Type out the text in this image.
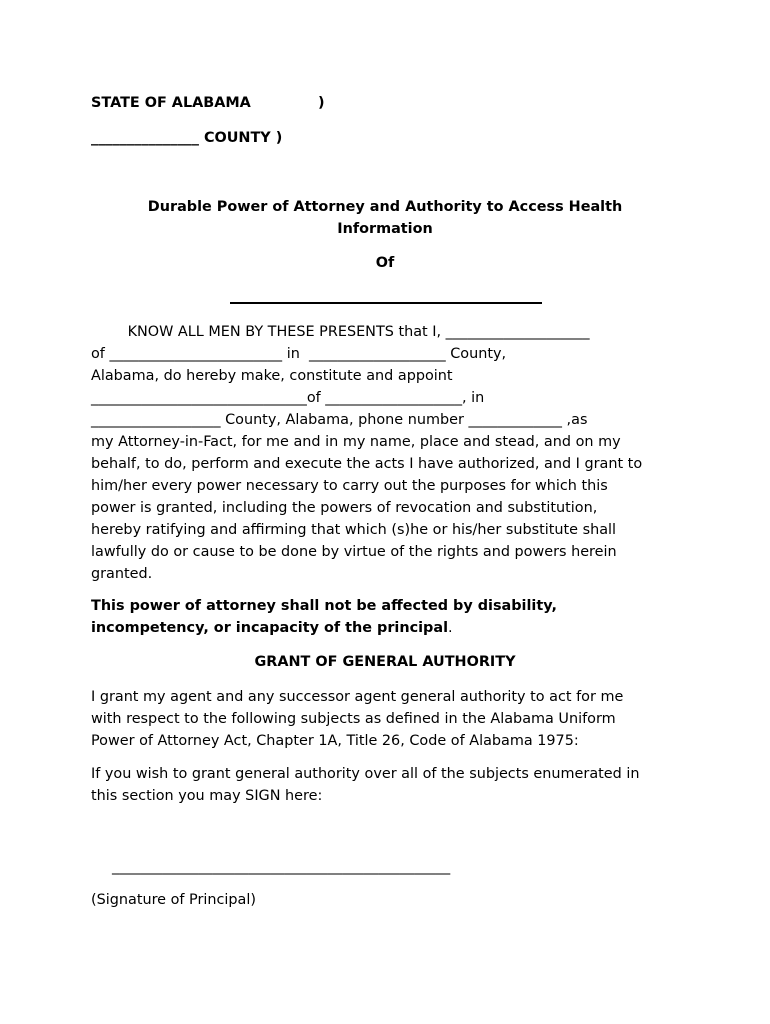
STATE OF ALABAMA	)
_______________ COUNTY )
Durable Power of Attorney and Authority to Access Health
Information
Of
KNOW ALL MEN BY THESE PRESENTS that I, ____________________
of ________________________ in  ___________________ County,
Alabama, do hereby make, constitute and appoint
______________________________of ___________________, in
__________________ County, Alabama, phone number _____________ ,as
my Attorney-in-Fact, for me and in my name, place and stead, and on my
behalf, to do, perform and execute the acts I have authorized, and I grant to
him/her every power necessary to carry out the purposes for which this
power is granted, including the powers of revocation and substitution,
hereby ratifying and affirming that which (s)he or his/her substitute shall
lawfully do or cause to be done by virtue of the rights and powers herein
granted.
This power of attorney shall not be affected by disability,
incompetency, or incapacity of the principal.
GRANT OF GENERAL AUTHORITY
I grant my agent and any successor agent general authority to act for me
with respect to the following subjects as defined in the Alabama Uniform
Power of Attorney Act, Chapter 1A, Title 26, Code of Alabama 1975:
If you wish to grant general authority over all of the subjects enumerated in
this section you may SIGN here:
_______________________________________________
(Signature of Principal)
